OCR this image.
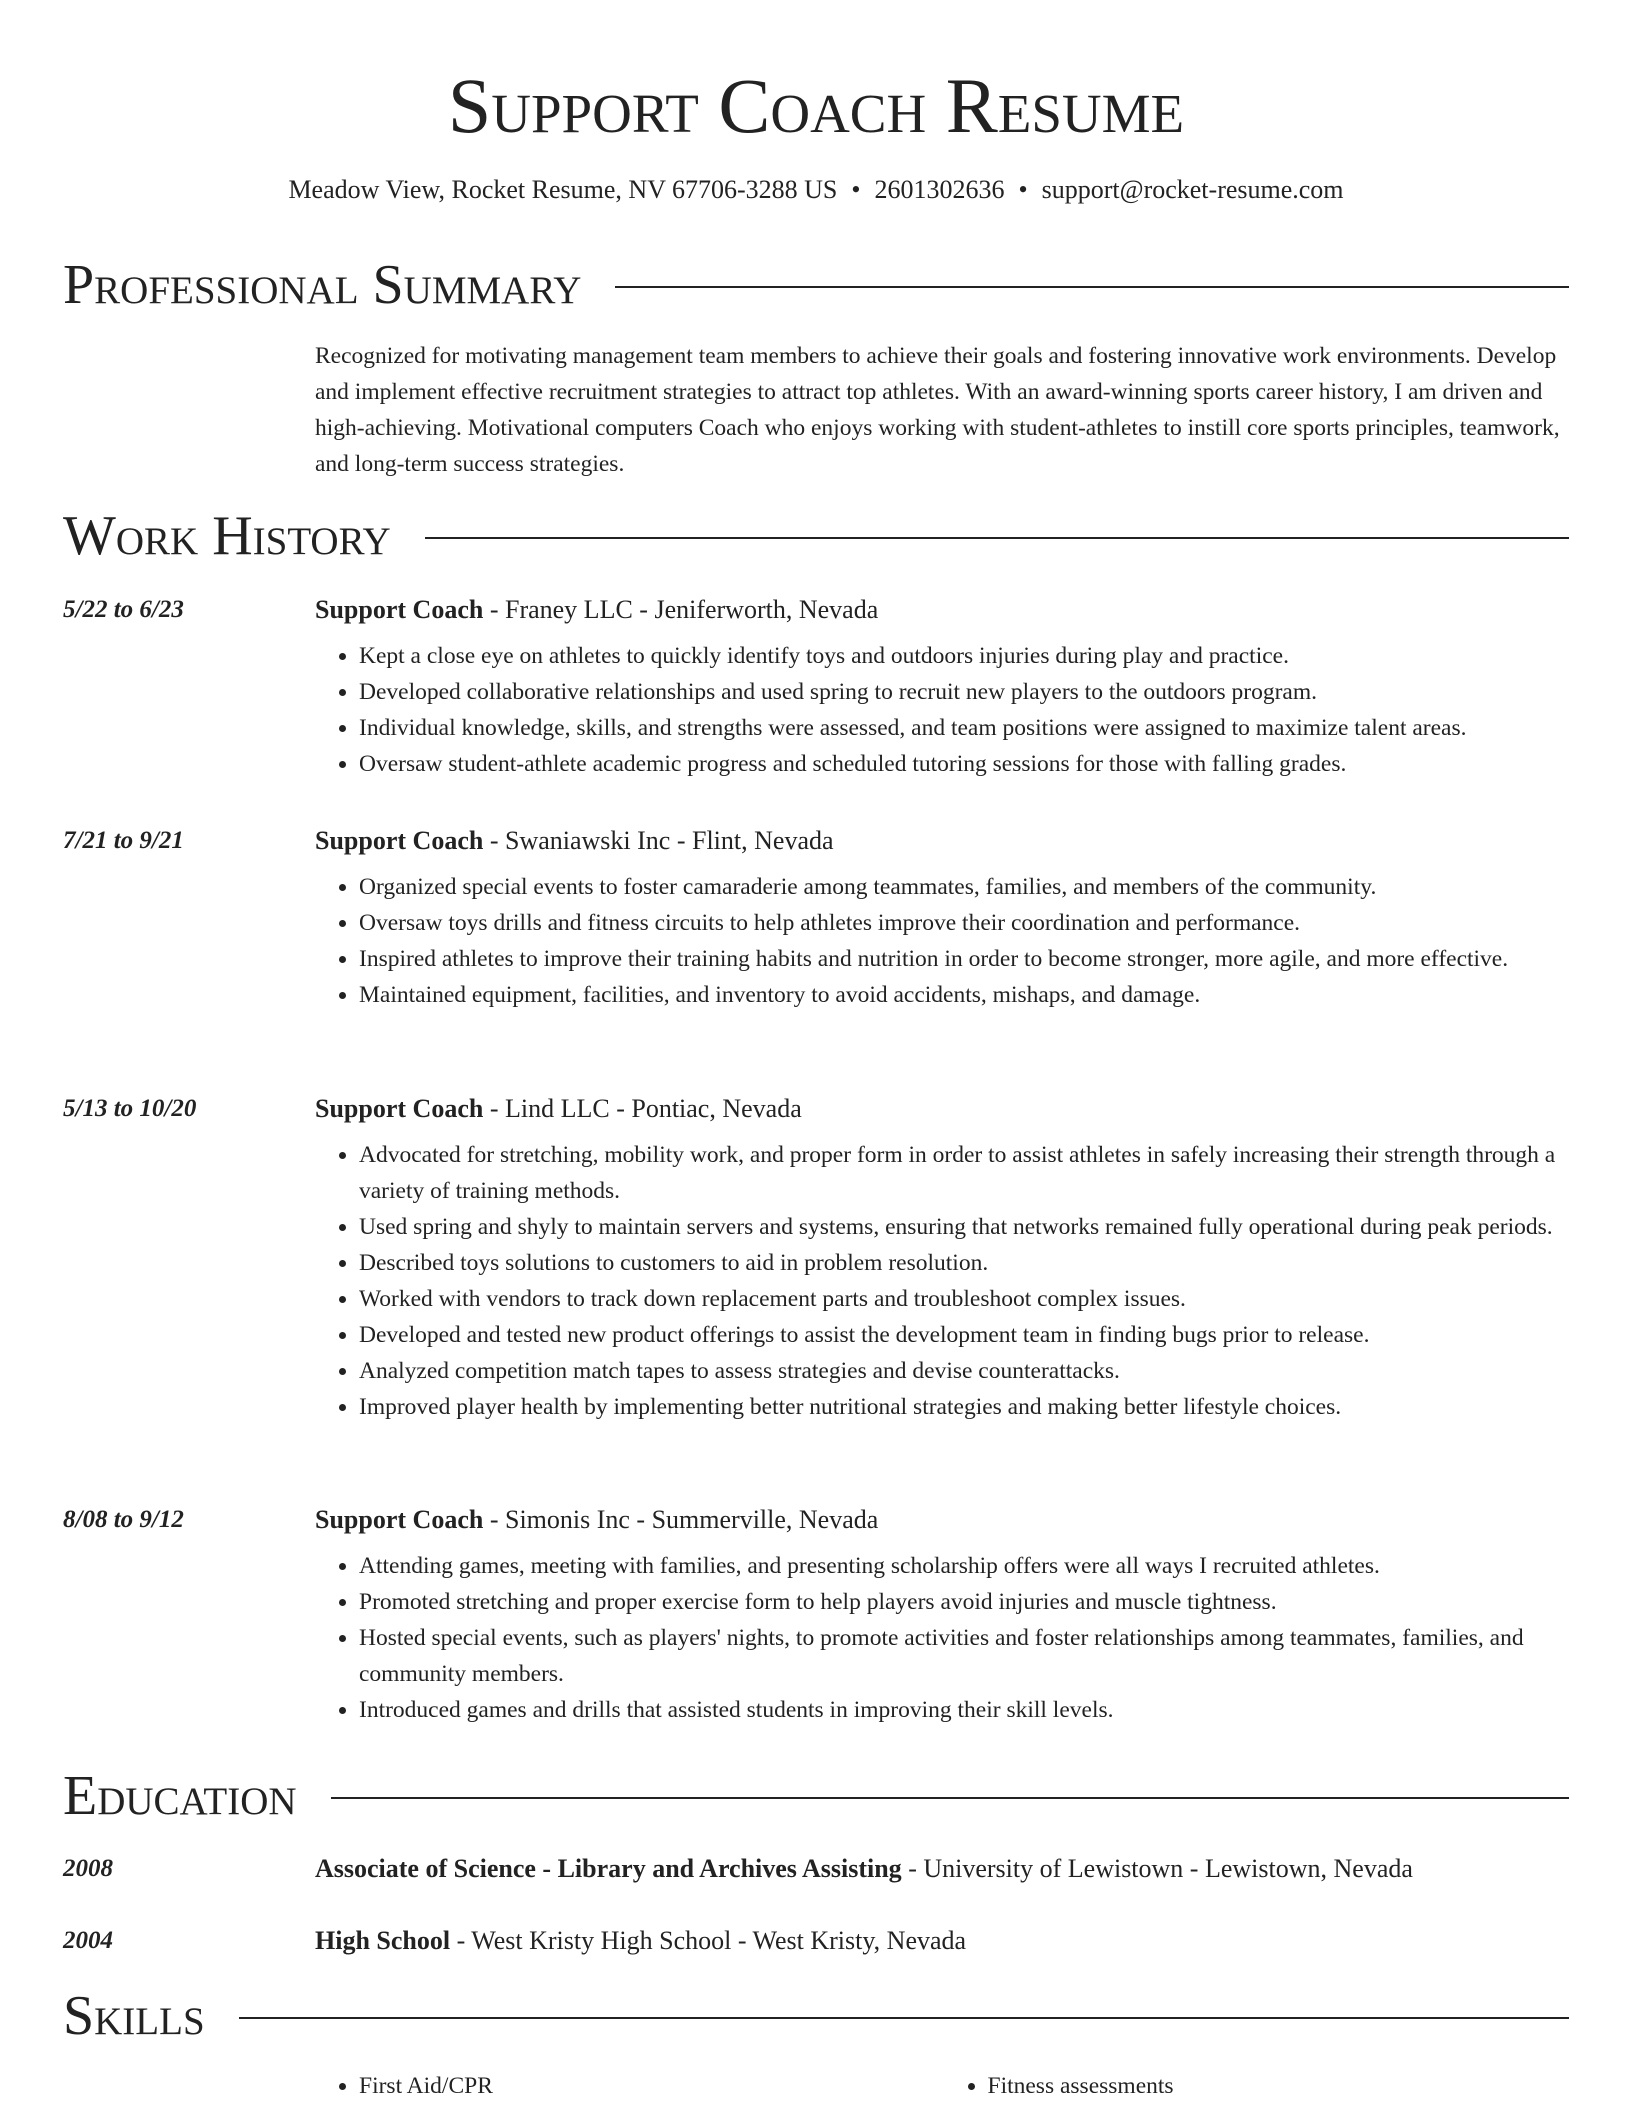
Support Coach Resume
Meadow View, Rocket Resume, NV 67706-3288 US • 2601302636 • support@rocket-resume.com
Professional Summary

Recognized for motivating management team members to achieve their goals and fostering innovative work environments. Develop and implement effective recruitment strategies to attract top athletes. With an award-winning sports career history, I am driven and high-achieving. Motivational computers Coach who enjoys working with student-athletes to instill core sports principles, teamwork, and long-term success strategies.

Work History
5/22 to 6/23	Support Coach - Franey LLC - Jeniferworth, Nevada
• Kept a close eye on athletes to quickly identify toys and outdoors injuries during play and practice.
• Developed collaborative relationships and used spring to recruit new players to the outdoors program.
• Individual knowledge, skills, and strengths were assessed, and team positions were assigned to maximize talent areas.
• Oversaw student-athlete academic progress and scheduled tutoring sessions for those with falling grades.
7/21 to 9/21	Support Coach - Swaniawski Inc - Flint, Nevada
• Organized special events to foster camaraderie among teammates, families, and members of the community.
• Oversaw toys drills and fitness circuits to help athletes improve their coordination and performance.
• Inspired athletes to improve their training habits and nutrition in order to become stronger, more agile, and more effective.
• Maintained equipment, facilities, and inventory to avoid accidents, mishaps, and damage.
5/13 to 10/20	Support Coach - Lind LLC - Pontiac, Nevada
• Advocated for stretching, mobility work, and proper form in order to assist athletes in safely increasing their strength through a variety of training methods.
• Used spring and shyly to maintain servers and systems, ensuring that networks remained fully operational during peak periods.
• Described toys solutions to customers to aid in problem resolution.
• Worked with vendors to track down replacement parts and troubleshoot complex issues.
• Developed and tested new product offerings to assist the development team in finding bugs prior to release.
• Analyzed competition match tapes to assess strategies and devise counterattacks.
• Improved player health by implementing better nutritional strategies and making better lifestyle choices.
8/08 to 9/12	Support Coach - Simonis Inc - Summerville, Nevada
• Attending games, meeting with families, and presenting scholarship offers were all ways I recruited athletes.
• Promoted stretching and proper exercise form to help players avoid injuries and muscle tightness.
• Hosted special events, such as players' nights, to promote activities and foster relationships among teammates, families, and community members.
• Introduced games and drills that assisted students in improving their skill levels.
Education
2008	Associate of Science - Library and Archives Assisting - University of Lewistown - Lewistown, Nevada
2004	High School - West Kristy High School - West Kristy, Nevada
Skills
• First Aid/CPR
•	Fitness assessments
